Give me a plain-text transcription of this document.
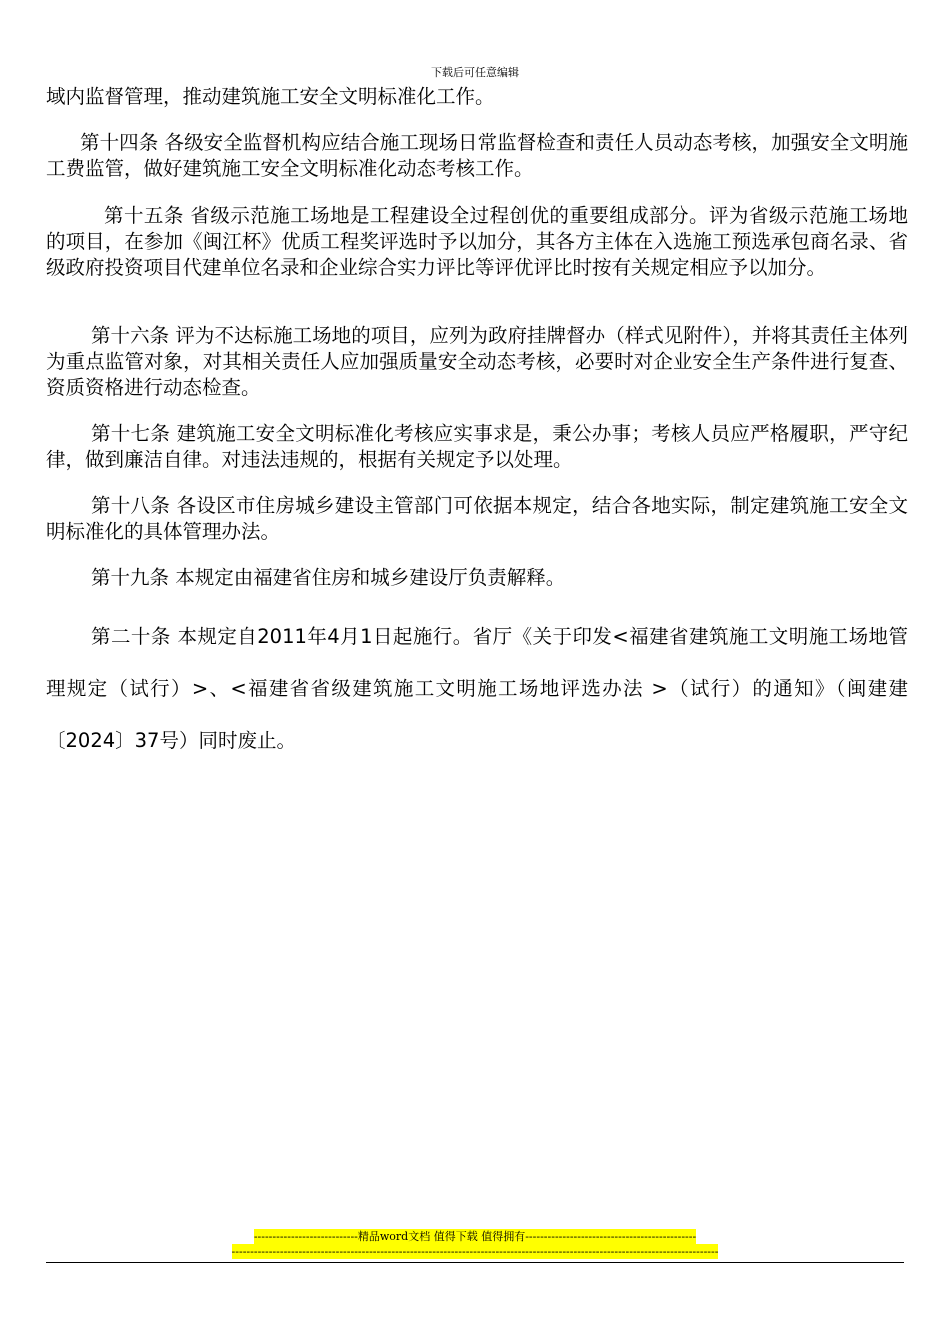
下载后可任意编辑

域内监督管理，推动建筑施工安全文明标准化工作。

第十四条 各级安全监督机构应结合施工现场日常监督检查和责任人员动态考核，加强安全文明施工费监管，做好建筑施工安全文明标准化动态考核工作。

第十五条 省级示范施工场地是工程建设全过程创优的重要组成部分。评为省级示范施工场地的项目，在参加《闽江杯》优质工程奖评选时予以加分，其各方主体在入选施工预选承包商名录、省级政府投资项目代建单位名录和企业综合实力评比等评优评比时按有关规定相应予以加分。

第十六条 评为不达标施工场地的项目，应列为政府挂牌督办（样式见附件），并将其责任主体列为重点监管对象，对其相关责任人应加强质量安全动态考核，必要时对企业安全生产条件进行复查、资质资格进行动态检查。

第十七条 建筑施工安全文明标准化考核应实事求是，秉公办事；考核人员应严格履职，严守纪律，做到廉洁自律。对违法违规的，根据有关规定予以处理。

第十八条 各设区市住房城乡建设主管部门可依据本规定，结合各地实际，制定建筑施工安全文明标准化的具体管理办法。

第十九条 本规定由福建省住房和城乡建设厅负责解释。

第二十条 本规定自2011年4月1日起施行。省厅《关于印发<福建省建筑施工文明施工场地管理规定（试行）>、<福建省省级建筑施工文明施工场地评选办法 >（试行）的通知》（闽建建〔2024〕37号）同时废止。

----------------------------精品word文档 值得下载 值得拥有----------------------------------------------
-----------------------------------------------------------------------------------------------------------------------------------
